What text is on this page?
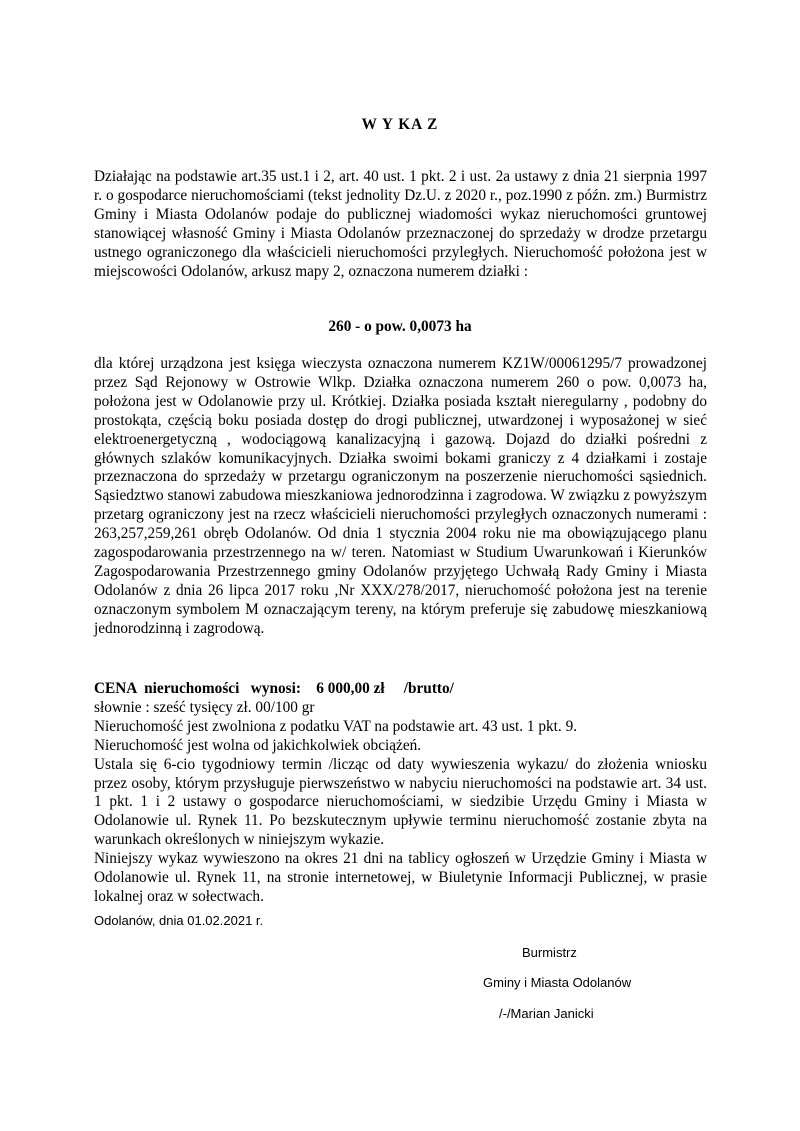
W Y KA Z

Działając na podstawie art.35 ust.1 i 2, art. 40 ust. 1 pkt. 2 i ust. 2a ustawy z dnia 21 sierpnia 1997 r. o gospodarce nieruchomościami (tekst jednolity Dz.U. z 2020 r., poz.1990 z późn. zm.) Burmistrz Gminy i Miasta Odolanów podaje do publicznej wiadomości wykaz nieruchomości gruntowej stanowiącej własność Gminy i Miasta Odolanów przeznaczonej do sprzedaży w drodze przetargu ustnego ograniczonego dla właścicieli nieruchomości przyległych. Nieruchomość położona jest w miejscowości Odolanów, arkusz mapy 2, oznaczona numerem działki :

260 - o pow. 0,0073 ha

dla której urządzona jest księga wieczysta oznaczona numerem KZ1W/00061295/7 prowadzonej przez Sąd Rejonowy w Ostrowie Wlkp. Działka oznaczona numerem 260 o pow. 0,0073 ha, położona jest w Odolanowie przy ul. Krótkiej. Działka posiada kształt nieregularny , podobny do prostokąta, częścią boku posiada dostęp do drogi publicznej, utwardzonej i wyposażonej w sieć elektroenergetyczną , wodociągową kanalizacyjną i gazową. Dojazd do działki pośredni z głównych szlaków komunikacyjnych. Działka swoimi bokami graniczy z 4 działkami i zostaje przeznaczona do sprzedaży w przetargu ograniczonym na poszerzenie nieruchomości sąsiednich. Sąsiedztwo stanowi zabudowa mieszkaniowa jednorodzinna i zagrodowa. W związku z powyższym przetarg ograniczony jest na rzecz właścicieli nieruchomości przyległych oznaczonych numerami : 263,257,259,261 obręb Odolanów. Od dnia 1 stycznia 2004 roku nie ma obowiązującego planu zagospodarowania przestrzennego na w/ teren. Natomiast w Studium Uwarunkowań i Kierunków Zagospodarowania Przestrzennego gminy Odolanów przyjętego Uchwałą Rady Gminy i Miasta Odolanów z dnia 26 lipca 2017 roku ,Nr XXX/278/2017, nieruchomość położona jest na terenie oznaczonym symbolem M oznaczającym tereny, na którym preferuje się zabudowę mieszkaniową jednorodzinną i zagrodową.

CENA  nieruchomości   wynosi:    6 000,00 zł     /brutto/
słownie : sześć tysięcy zł. 00/100 gr
Nieruchomość jest zwolniona z podatku VAT na podstawie art. 43 ust. 1 pkt. 9.
Nieruchomość jest wolna od jakichkolwiek obciążeń.
Ustala się 6-cio tygodniowy termin /licząc od daty wywieszenia wykazu/ do złożenia wniosku przez osoby, którym przysługuje pierwszeństwo w nabyciu nieruchomości na podstawie art. 34 ust. 1 pkt. 1 i 2 ustawy o gospodarce nieruchomościami, w siedzibie Urzędu Gminy i Miasta w Odolanowie ul. Rynek 11. Po bezskutecznym upływie terminu nieruchomość zostanie zbyta na warunkach określonych w niniejszym wykazie.
Niniejszy wykaz wywieszono na okres 21 dni na tablicy ogłoszeń w Urzędzie Gminy i Miasta w Odolanowie ul. Rynek 11, na stronie internetowej, w Biuletynie Informacji Publicznej, w prasie lokalnej oraz w sołectwach.
Odolanów, dnia 01.02.2021 r.
Burmistrz
Gminy i Miasta Odolanów
/-/Marian Janicki
